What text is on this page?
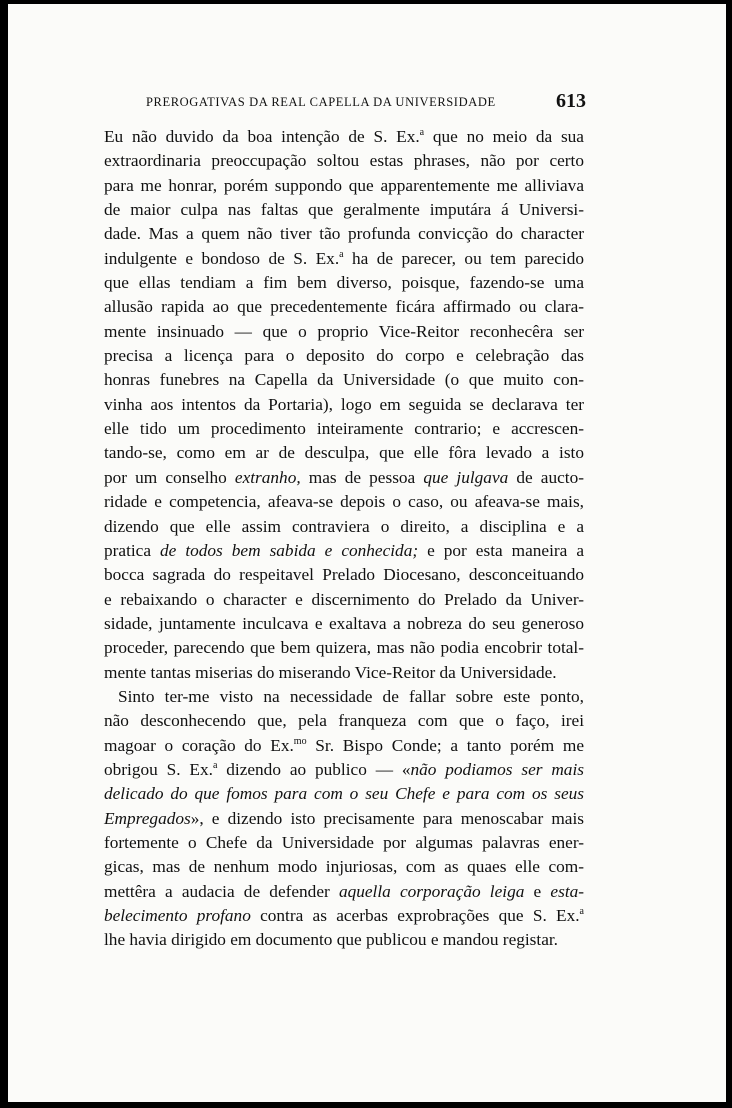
PREROGATIVAS DA REAL CAPELLA DA UNIVERSIDADE	613
Eu não duvido da boa intenção de S. Ex.$^a$ que no meio da sua
extraordinaria preoccupação soltou estas phrases, não por certo
para me honrar, porém suppondo que apparentemente me alliviava
de maior culpa nas faltas que geralmente imputára á Universi-
dade. Mas a quem não tiver tão profunda convicção do character
indulgente e bondoso de S. Ex.$^a$ ha de parecer, ou tem parecido
que ellas tendiam a fim bem diverso, poisque, fazendo-se uma
allusão rapida ao que precedentemente ficára affirmado ou clara-
mente insinuado — que o proprio Vice-Reitor reconhecêra ser
precisa a licença para o deposito do corpo e celebração das
honras funebres na Capella da Universidade (o que muito con-
vinha aos intentos da Portaria), logo em seguida se declarava ter
elle tido um procedimento inteiramente contrario; e accrescen-
tando-se, como em ar de desculpa, que elle fôra levado a isto
por um conselho extranho, mas de pessoa que julgava de aucto-
ridade e competencia, afeava-se depois o caso, ou afeava-se mais,
dizendo que elle assim contraviera o direito, a disciplina e a
pratica de todos bem sabida e conhecida; e por esta maneira a
bocca sagrada do respeitavel Prelado Diocesano, desconceituando
e rebaixando o character e discernimento do Prelado da Univer-
sidade, juntamente inculcava e exaltava a nobreza do seu generoso
proceder, parecendo que bem quizera, mas não podia encobrir total-
mente tantas miserias do miserando Vice-Reitor da Universidade.
Sinto ter-me visto na necessidade de fallar sobre este ponto,
não desconhecendo que, pela franqueza com que o faço, irei
magoar o coração do Ex.$^{mo}$ Sr. Bispo Conde; a tanto porém me
obrigou S. Ex.$^a$ dizendo ao publico — «não podiamos ser mais
delicado do que fomos para com o seu Chefe e para com os seus
Empregados», e dizendo isto precisamente para menoscabar mais
fortemente o Chefe da Universidade por algumas palavras ener-
gicas, mas de nenhum modo injuriosas, com as quaes elle com-
mettêra a audacia de defender aquella corporação leiga e esta-
belecimento profano contra as acerbas exprobrações que S. Ex.$^a$
lhe havia dirigido em documento que publicou e mandou registar.
